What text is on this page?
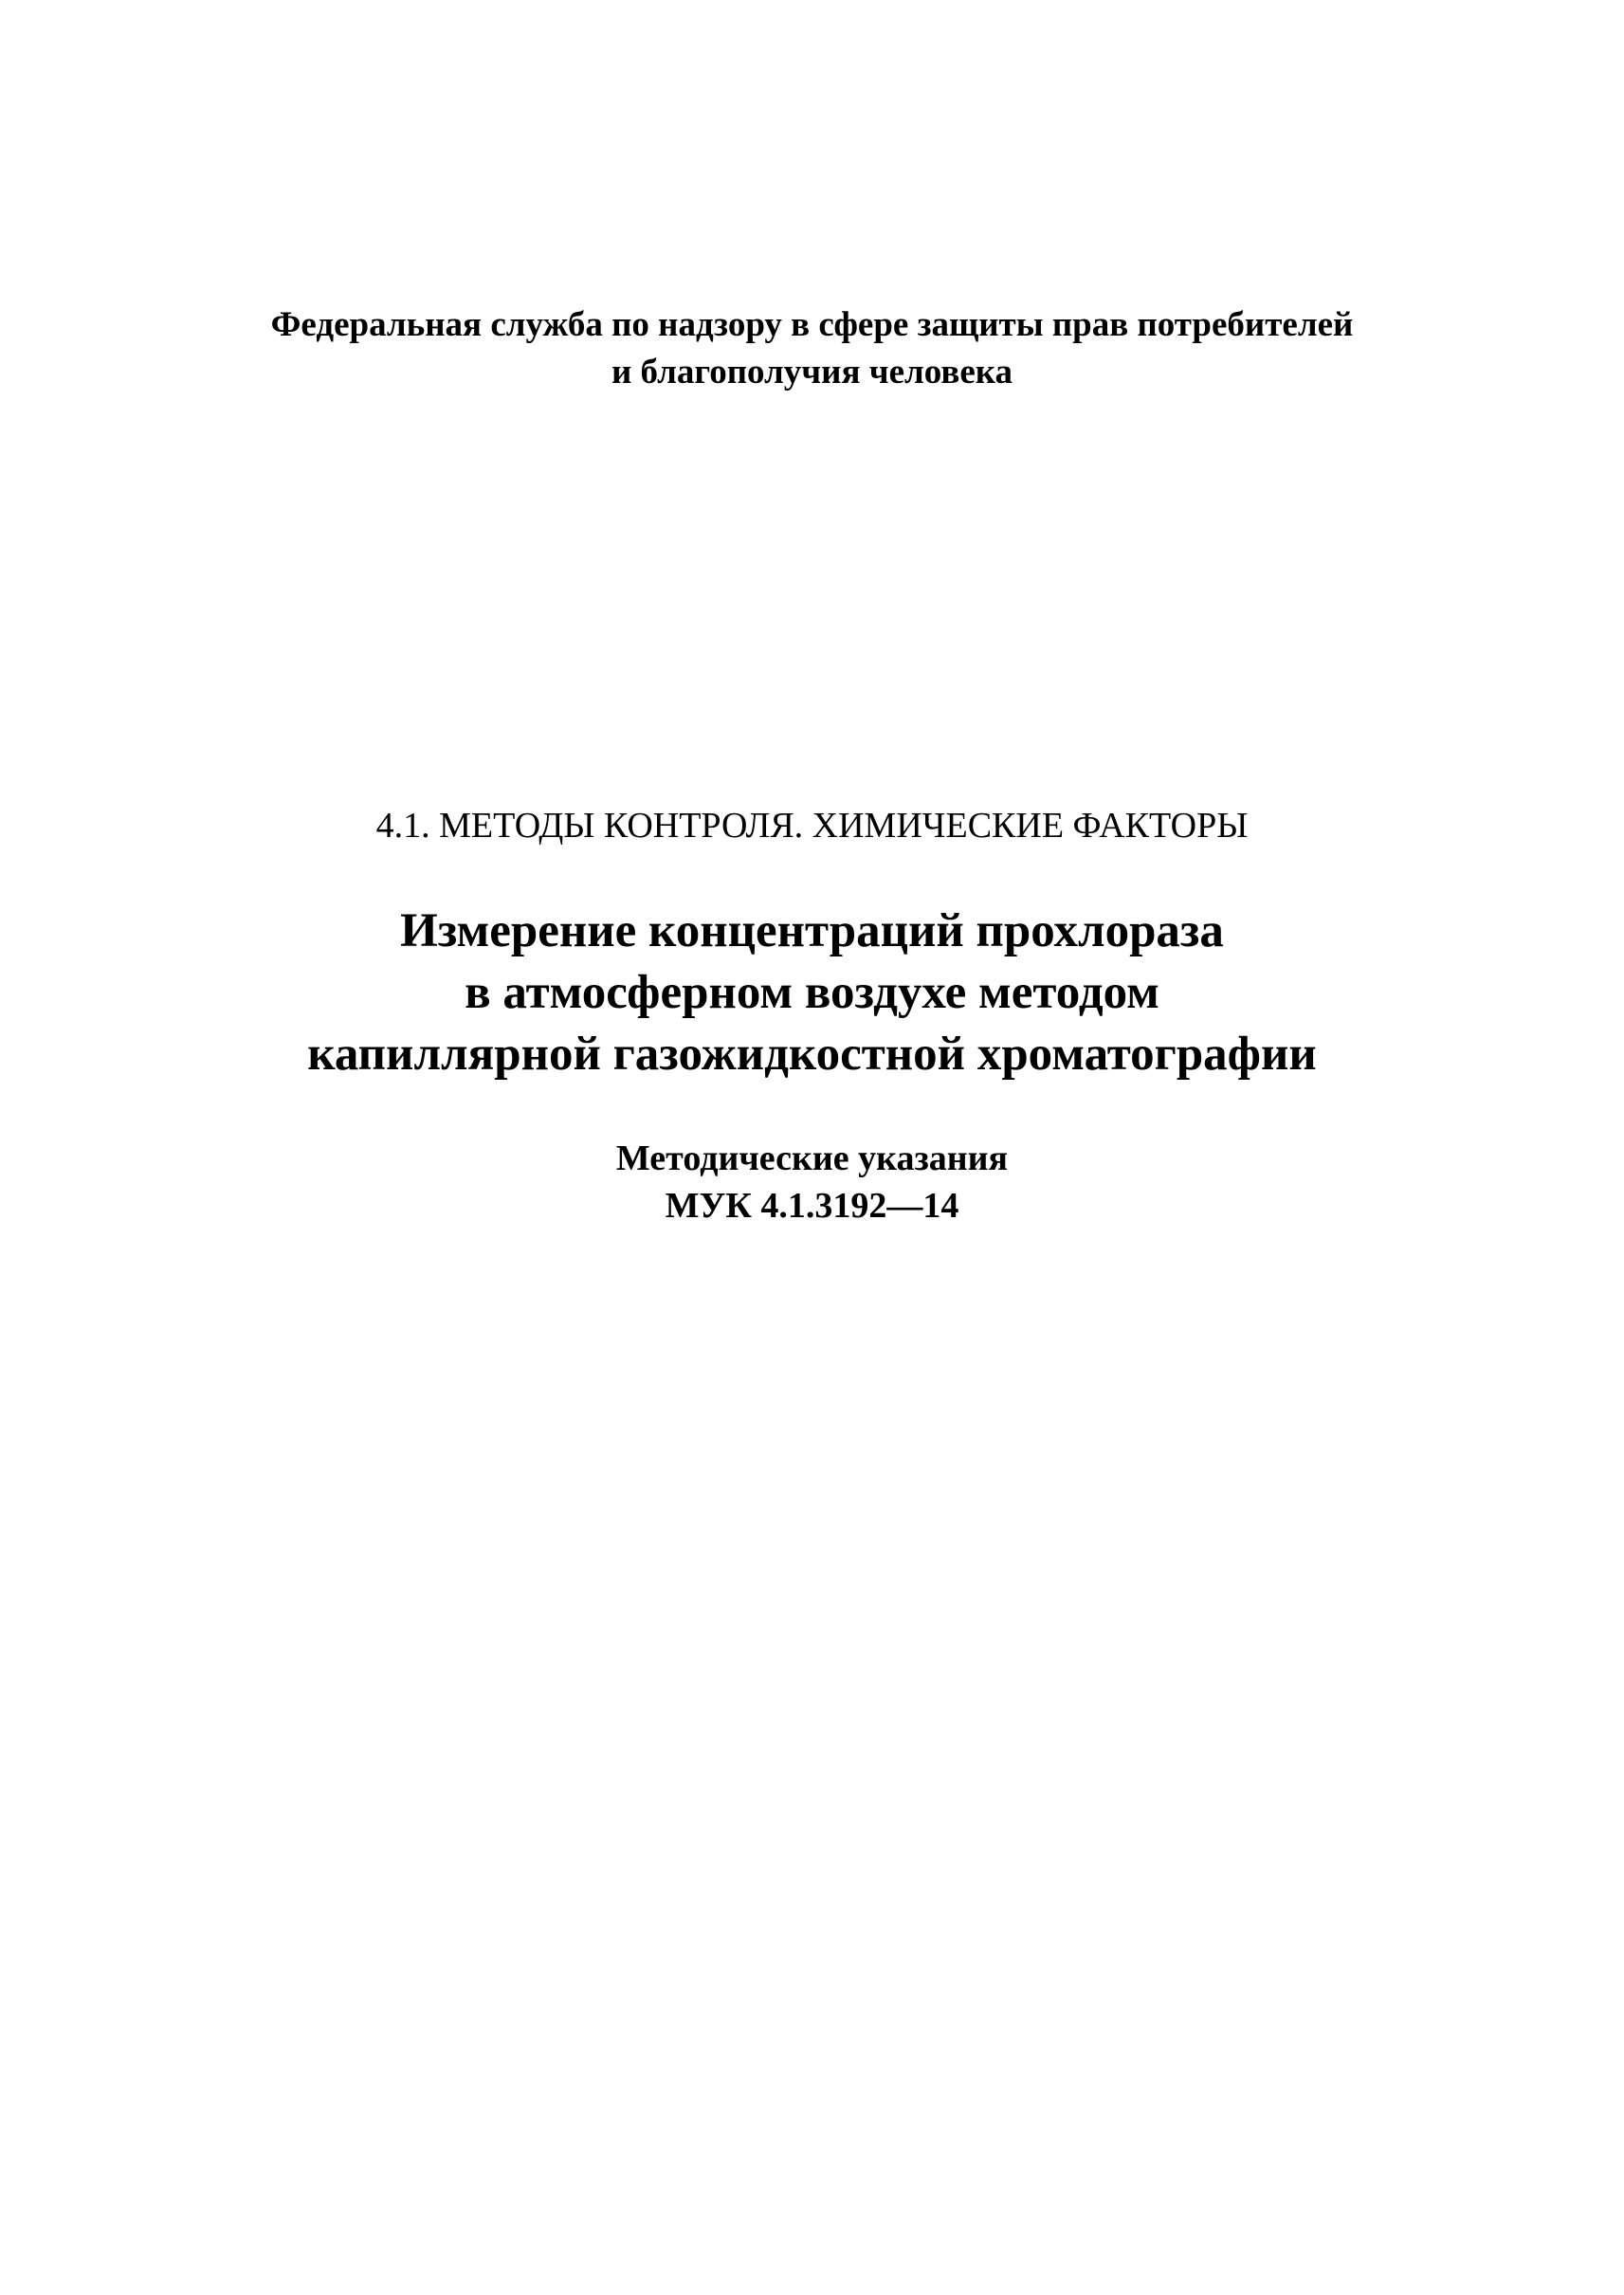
Федеральная служба по надзору в сфере защиты прав потребителей
и благополучия человека
4.1. МЕТОДЫ КОНТРОЛЯ. ХИМИЧЕСКИЕ ФАКТОРЫ
Измерение концентраций прохлораза
в атмосферном воздухе методом
капиллярной газожидкостной хроматографии
Методические указания
МУК 4.1.3192—14
